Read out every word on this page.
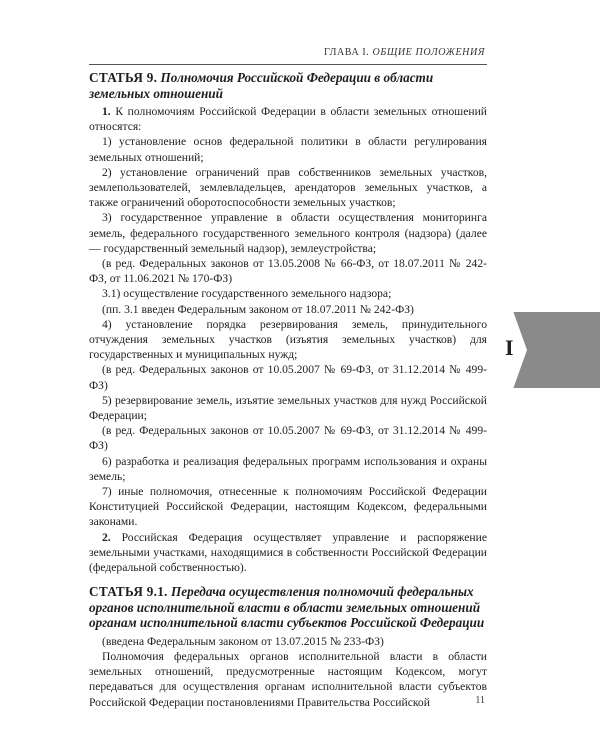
ГЛАВА I. ОБЩИЕ ПОЛОЖЕНИЯ
I
СТАТЬЯ 9. Полномочия Российской Федерации в области земельных отношений

1. К полномочиям Российской Федерации в области земельных отношений относятся:

1) установление основ федеральной политики в области регулирования земельных отношений;

2) установление ограничений прав собственников земельных участков, землепользователей, землевладельцев, арендаторов земельных участков, а также ограничений оборотоспособности земельных участков;

3) государственное управление в области осуществления мониторинга земель, федерального государственного земельного контроля (надзора) (далее — государственный земельный надзор), землеустройства;

(в ред. Федеральных законов от 13.05.2008 № 66-ФЗ, от 18.07.2011 № 242-ФЗ, от 11.06.2021 № 170-ФЗ)

3.1) осуществление государственного земельного надзора;

(пп. 3.1 введен Федеральным законом от 18.07.2011 № 242-ФЗ)

4) установление порядка резервирования земель, принудительного отчуждения земельных участков (изъятия земельных участков) для государственных и муниципальных нужд;

(в ред. Федеральных законов от 10.05.2007 № 69-ФЗ, от 31.12.2014 № 499-ФЗ)

5) резервирование земель, изъятие земельных участков для нужд Российской Федерации;

(в ред. Федеральных законов от 10.05.2007 № 69-ФЗ, от 31.12.2014 № 499-ФЗ)

6) разработка и реализация федеральных программ использования и охраны земель;

7) иные полномочия, отнесенные к полномочиям Российской Федерации Конституцией Российской Федерации, настоящим Кодексом, федеральными законами.

2. Российская Федерация осуществляет управление и распоряжение земельными участками, находящимися в собственности Российской Федерации (федеральной собственностью).

СТАТЬЯ 9.1. Передача осуществления полномочий федеральных органов исполнительной власти в области земельных отношений органам исполнительной власти субъектов Российской Федерации

(введена Федеральным законом от 13.07.2015 № 233-ФЗ)

Полномочия федеральных органов исполнительной власти в области земельных отношений, предусмотренные настоящим Кодексом, могут передаваться для осуществления органам исполнительной власти субъектов Российской Федерации постановлениями Правительства Российской	11
